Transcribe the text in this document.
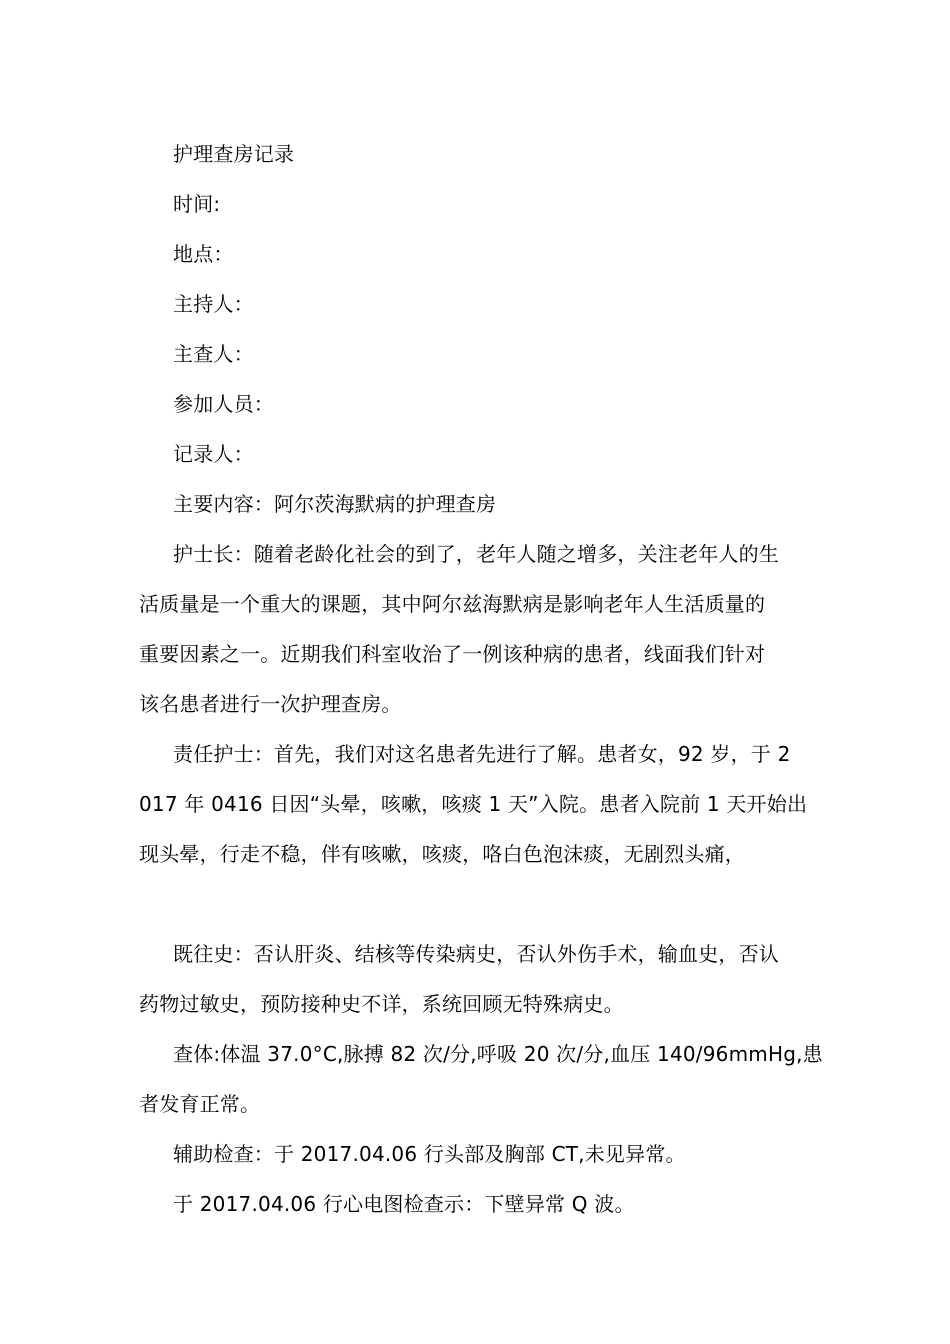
护理查房记录
时间:
地点：
主持人：
主查人：
参加人员：
记录人：
主要内容：阿尔茨海默病的护理查房
护士长：随着老龄化社会的到了，老年人随之增多，关注老年人的生
活质量是一个重大的课题，其中阿尔兹海默病是影响老年人生活质量的
重要因素之一。近期我们科室收治了一例该种病的患者，线面我们针对
该名患者进行一次护理查房。
责任护士：首先，我们对这名患者先进行了解。患者女，92 岁，于 2
017 年 0416 日因“头晕，咳嗽，咳痰 1 天”入院。患者入院前 1 天开始出
现头晕，行走不稳，伴有咳嗽，咳痰，咯白色泡沫痰，无剧烈头痛，
既往史：否认肝炎、结核等传染病史，否认外伤手术，输血史，否认
药物过敏史，预防接种史不详，系统回顾无特殊病史。
查体:体温 37.0°C,脉搏 82 次/分,呼吸 20 次/分,血压 140/96mmHg,患
者发育正常。
辅助检查：于 2017.04.06 行头部及胸部 CT,未见异常。
于 2017.04.06 行心电图检查示：下壁异常 Q 波。
